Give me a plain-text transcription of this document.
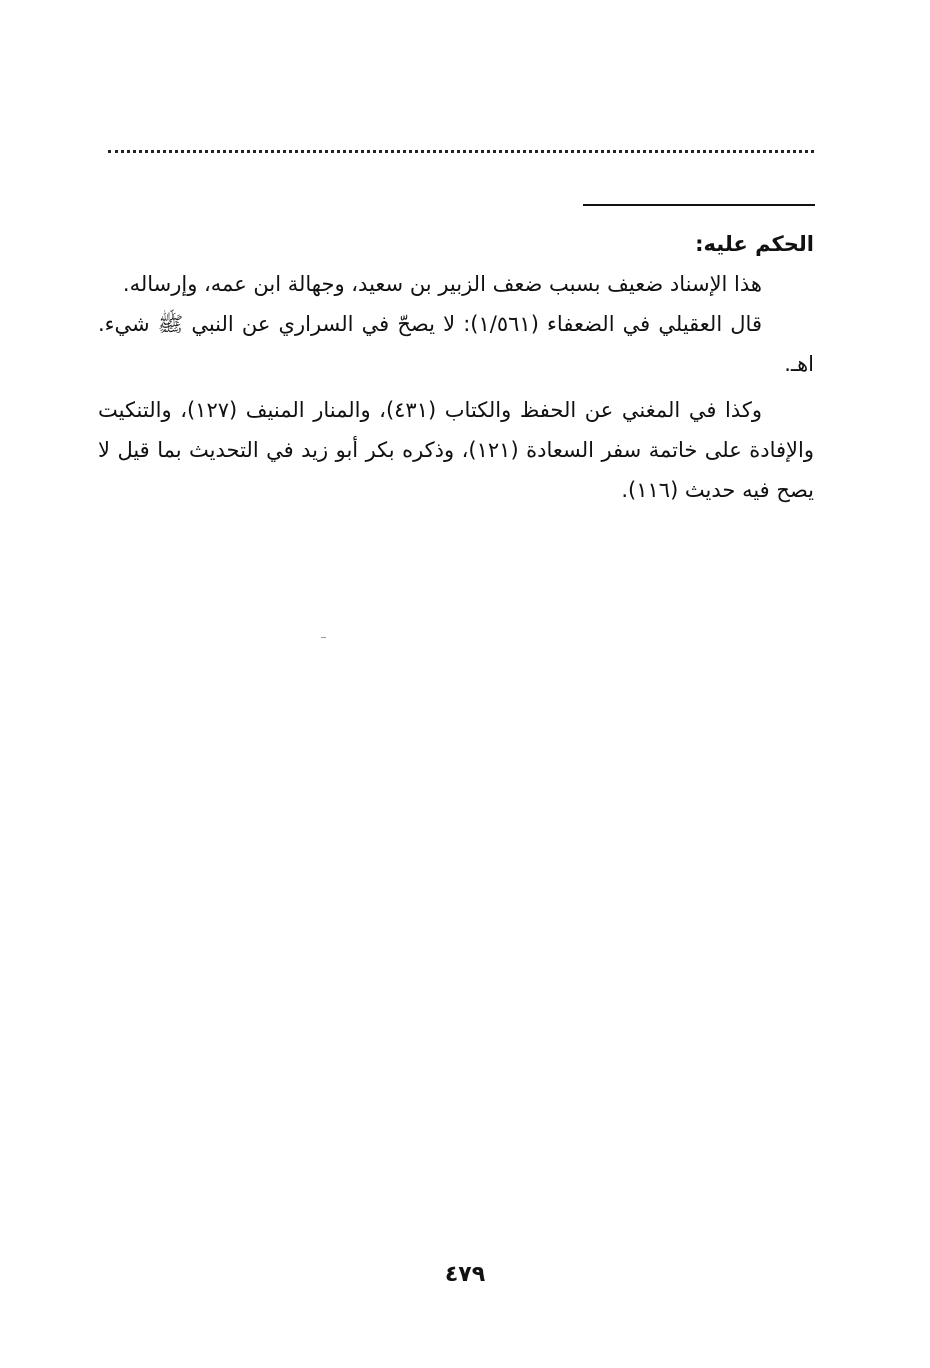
الحكم عليه:

هذا الإسناد ضعيف بسبب ضعف الزبير بن سعيد، وجهالة ابن عمه، وإرساله.

قال العقيلي في الضعفاء (١/٥٦١): لا يصحّ في السراري عن النبي ﷺ شيء. اهـ.

وكذا في المغني عن الحفظ والكتاب (٤٣١)، والمنار المنيف (١٢٧)، والتنكيت والإفادة على خاتمة سفر السعادة (١٢١)، وذكره بكر أبو زيد في التحديث بما قيل لا يصح فيه حديث (١١٦).

٤٧٩
